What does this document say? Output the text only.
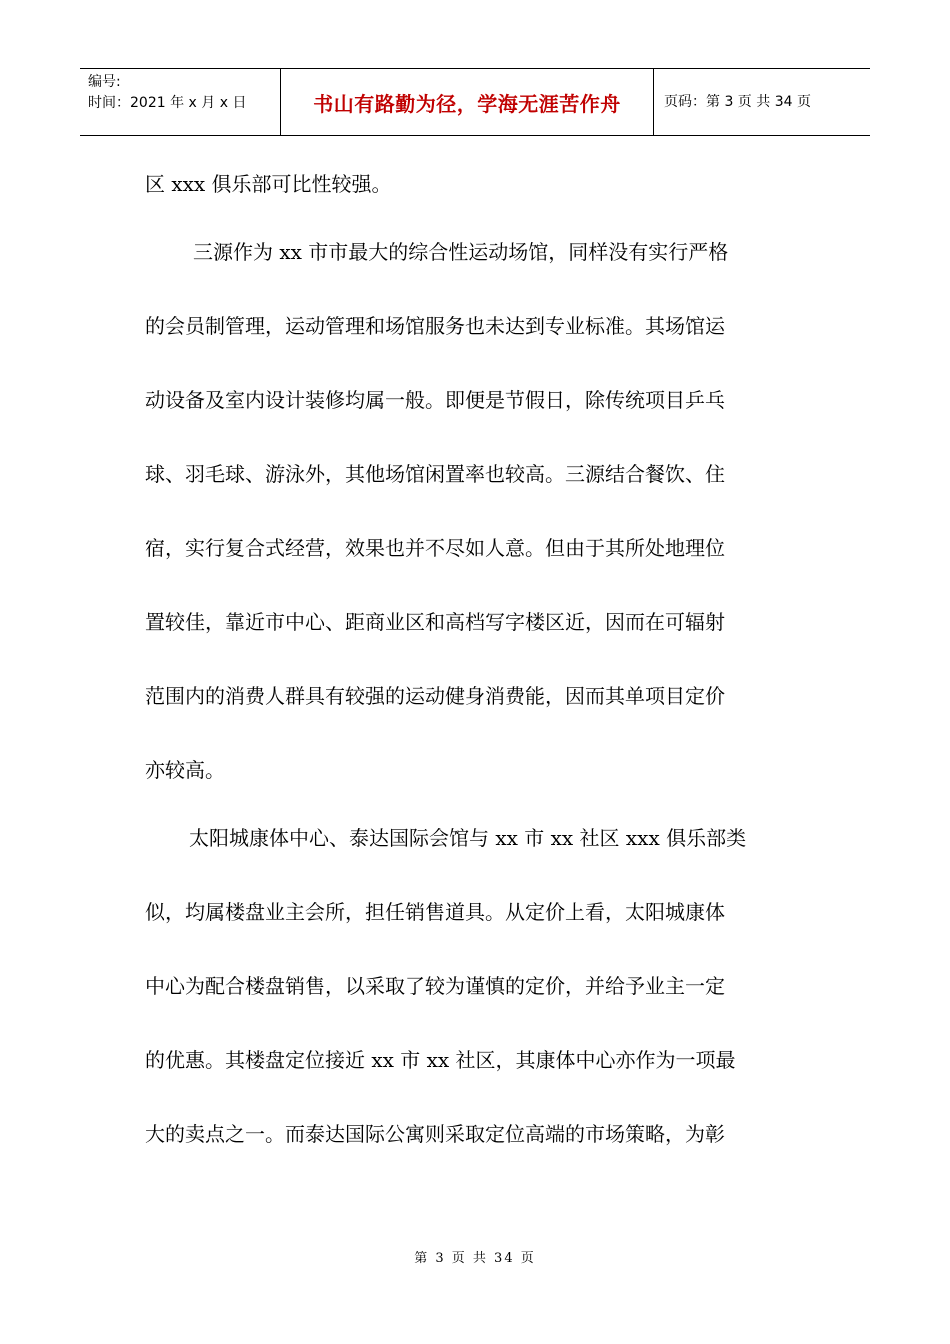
编号:
时间：2021 年 x 月 x 日	书山有路勤为径，学海无涯苦作舟	页码：第 3 页 共 34 页
区 xxx 俱乐部可比性较强。
三源作为 xx 市市最大的综合性运动场馆，同样没有实行严格
的会员制管理，运动管理和场馆服务也未达到专业标准。其场馆运
动设备及室内设计装修均属一般。即便是节假日，除传统项目乒乓
球、羽毛球、游泳外，其他场馆闲置率也较高。三源结合餐饮、住
宿，实行复合式经营，效果也并不尽如人意。但由于其所处地理位
置较佳，靠近市中心、距商业区和高档写字楼区近，因而在可辐射
范围内的消费人群具有较强的运动健身消费能，因而其单项目定价
亦较高。
太阳城康体中心、泰达国际会馆与 xx 市 xx 社区 xxx 俱乐部类
似，均属楼盘业主会所，担任销售道具。从定价上看，太阳城康体
中心为配合楼盘销售，以采取了较为谨慎的定价，并给予业主一定
的优惠。其楼盘定位接近 xx 市 xx 社区，其康体中心亦作为一项最
大的卖点之一。而泰达国际公寓则采取定位高端的市场策略，为彰
第 3 页 共 34 页
